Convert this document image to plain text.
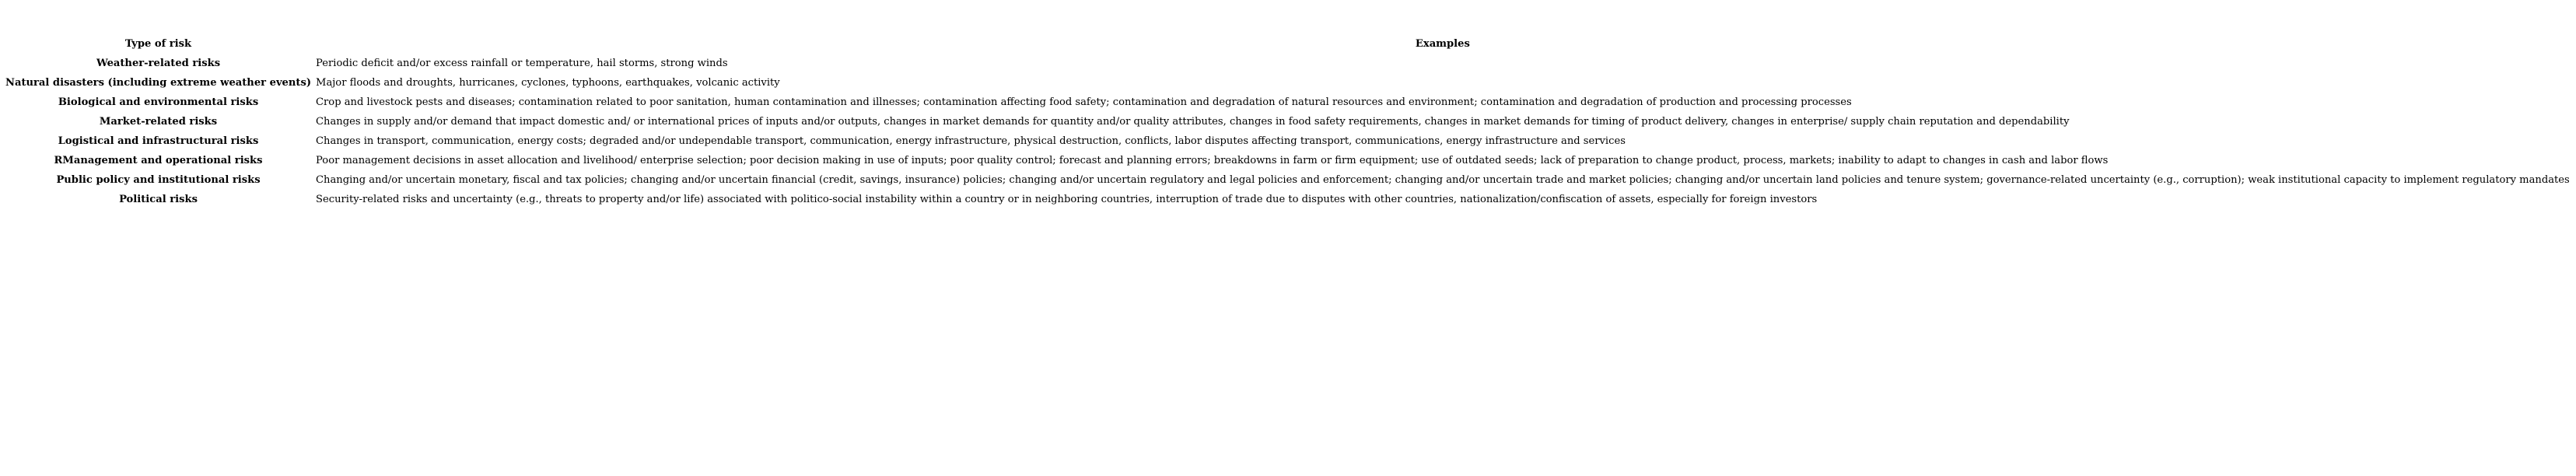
Type of risk	Examples
Weather-related risks	Periodic deficit and/or excess rainfall or temperature, hail storms, strong winds
Natural disasters (including extreme weather events)	Major floods and droughts, hurricanes, cyclones, typhoons, earthquakes, volcanic activity
Biological and environmental risks	Crop and livestock pests and diseases; contamination related to poor sanitation, human contamination and illnesses; contamination affecting food safety; contamination and degradation of natural resources and environment; contamination and degradation of production and processing processes
Market-related risks	Changes in supply and/or demand that impact domestic and/ or international prices of inputs and/or outputs, changes in market demands for quantity and/or quality attributes, changes in food safety requirements, changes in market demands for timing of product delivery, changes in enterprise/ supply chain reputation and dependability
Logistical and infrastructural risks	Changes in transport, communication, energy costs; degraded and/or undependable transport, communication, energy infrastructure, physical destruction, conflicts, labor disputes affecting transport, communications, energy infrastructure and services
RManagement and operational risks	Poor management decisions in asset allocation and livelihood/ enterprise selection; poor decision making in use of inputs; poor quality control; forecast and planning errors; breakdowns in farm or firm equipment; use of outdated seeds; lack of preparation to change product, process, markets; inability to adapt to changes in cash and labor flows
Public policy and institutional risks	Changing and/or uncertain monetary, fiscal and tax policies; changing and/or uncertain financial (credit, savings, insurance) policies; changing and/or uncertain regulatory and legal policies and enforcement; changing and/or uncertain trade and market policies; changing and/or uncertain land policies and tenure system; governance-related uncertainty (e.g., corruption); weak institutional capacity to implement regulatory mandates
Political risks	Security-related risks and uncertainty (e.g., threats to property and/or life) associated with politico-social instability within a country or in neighboring countries, interruption of trade due to disputes with other countries, nationalization/confiscation of assets, especially for foreign investors
